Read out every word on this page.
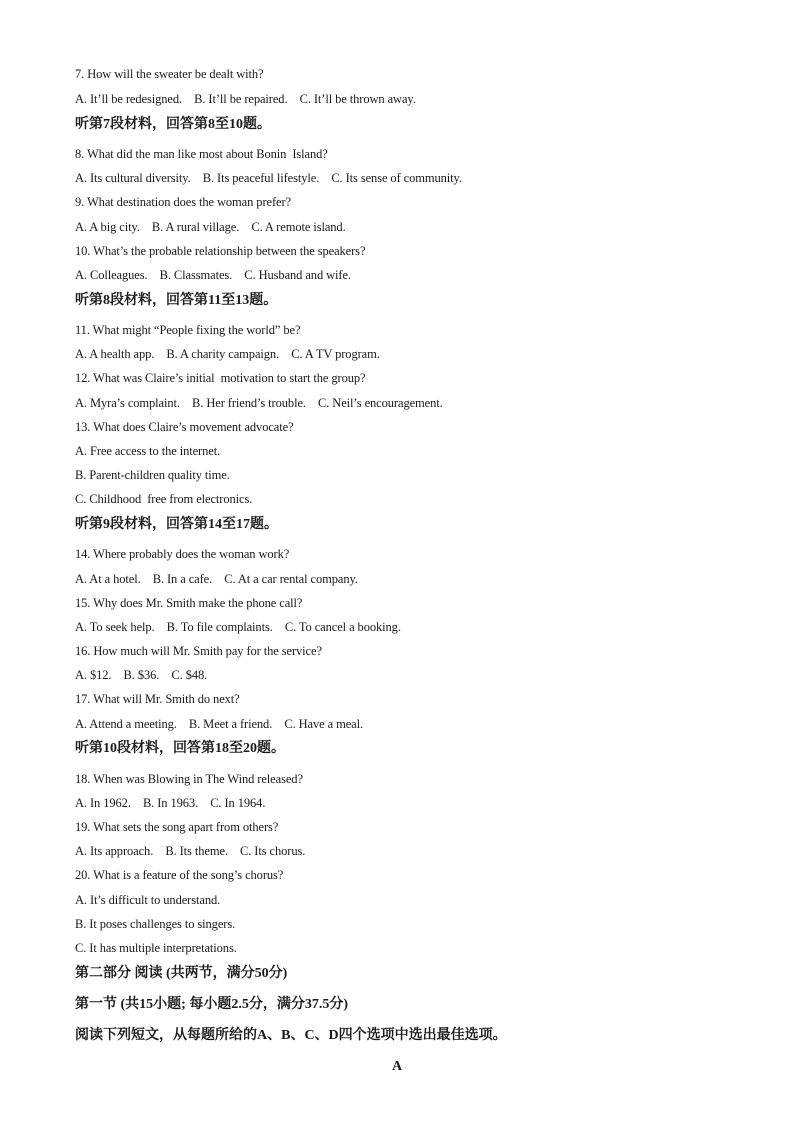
7. How will the sweater be dealt with?
A. It’ll be redesigned.    B. It’ll be repaired.    C. It’ll be thrown away.
听第7段材料，回答第8至10题。
8. What did the man like most about Bonin  Island?
A. Its cultural diversity.    B. Its peaceful lifestyle.    C. Its sense of community.
9. What destination does the woman prefer?
A. A big city.    B. A rural village.    C. A remote island.
10. What’s the probable relationship between the speakers?
A. Colleagues.    B. Classmates.    C. Husband and wife.
听第8段材料，回答第11至13题。
11. What might “People fixing the world” be?
A. A health app.    B. A charity campaign.    C. A TV program.
12. What was Claire’s initial  motivation to start the group?
A. Myra’s complaint.    B. Her friend’s trouble.    C. Neil’s encouragement.
13. What does Claire’s movement advocate?
A. Free access to the internet.
B. Parent-children quality time.
C. Childhood  free from electronics.
听第9段材料，回答第14至17题。
14. Where probably does the woman work?
A. At a hotel.    B. In a cafe.    C. At a car rental company.
15. Why does Mr. Smith make the phone call?
A. To seek help.    B. To file complaints.    C. To cancel a booking.
16. How much will Mr. Smith pay for the service?
A. $12.    B. $36.    C. $48.
17. What will Mr. Smith do next?
A. Attend a meeting.    B. Meet a friend.    C. Have a meal.
听第10段材料，回答第18至20题。
18. When was Blowing in The Wind released?
A. In 1962.    B. In 1963.    C. In 1964.
19. What sets the song apart from others?
A. Its approach.    B. Its theme.    C. Its chorus.
20. What is a feature of the song’s chorus?
A. It’s difficult to understand.
B. It poses challenges to singers.
C. It has multiple interpretations.
第二部分 阅读 (共两节，满分50分)
第一节 (共15小题; 每小题2.5分，满分37.5分)
阅读下列短文，从每题所给的A、B、C、D四个选项中选出最佳选项。
A
